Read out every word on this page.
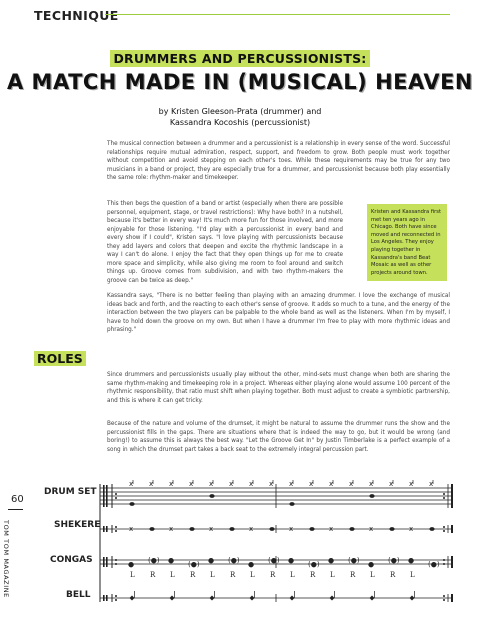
TECHNIQUE
DRUMMERS AND PERCUSSIONISTS:
A MATCH MADE IN (MUSICAL) HEAVEN
by Kristen Gleeson-Prata (drummer) and
Kassandra Kocoshis (percussionist)
The musical connection between a drummer and a percussionist is a relationship in every sense of the word. Successful relationships require mutual admiration, respect, support, and freedom to grow. Both people must work together without competition and avoid stepping on each other's toes. While these requirements may be true for any two musicians in a band or project, they are especially true for a drummer, and percussionist because both play essentially the same role: rhythm-maker and timekeeper.
This then begs the question of a band or artist (especially when there are possible personnel, equipment, stage, or travel restrictions): Why have both? In a nutshell, because it's better in every way! It's much more fun for those involved, and more enjoyable for those listening. "I'd play with a percussionist in every band and every show if I could", Kristen says. "I love playing with percussionists because they add layers and colors that deepen and excite the rhythmic landscape in a way I can't do alone. I enjoy the fact that they open things up for me to create more space and simplicity, while also giving me room to fool around and switch things up. Groove comes from subdivision, and with two rhythm-makers the groove can be twice as deep."
Kristen and Kassandra first met ten years ago in Chicago. Both have since moved and reconnected in Los Angeles. They enjoy playing together in Kassandra's band Beat Mosaic as well as other projects around town.
Kassandra says, "There is no better feeling than playing with an amazing drummer. I love the exchange of musical ideas back and forth, and the reacting to each other's sense of groove. It adds so much to a tune, and the energy of the interaction between the two players can be palpable to the whole band as well as the listeners. When I'm by myself, I have to hold down the groove on my own. But when I have a drummer I'm free to play with more rhythmic ideas and phrasing."
ROLES
Since drummers and percussionists usually play without the other, mind-sets must change when both are sharing the same rhythm-making and timekeeping role in a project. Whereas either playing alone would assume 100 percent of the rhythmic responsibility, that ratio must shift when playing together. Both must adjust to create a symbiotic partnership, and this is where it can get tricky.
Because of the nature and volume of the drumset, it might be natural to assume the drummer runs the show and the percussionist fills in the gaps. There are situations where that is indeed the way to go, but it would be wrong (and boring!) to assume this is always the best way. "Let the Groove Get In" by Justin Timberlake is a perfect example of a song in which the drumset part takes a back seat to the extremely integral percussion part.
60
TOM TOM MAGAZINE
DRUM SET
SHEKERE
CONGAS
BELL
x x x x x x x x x x x x x x x x
x	x	x	x	x	x	x	x
● (●) ● (●) ● (●) ● (●) ● (●) ● (●) ● (●) ● (●)
L R L R L R L R L R L R L R L
